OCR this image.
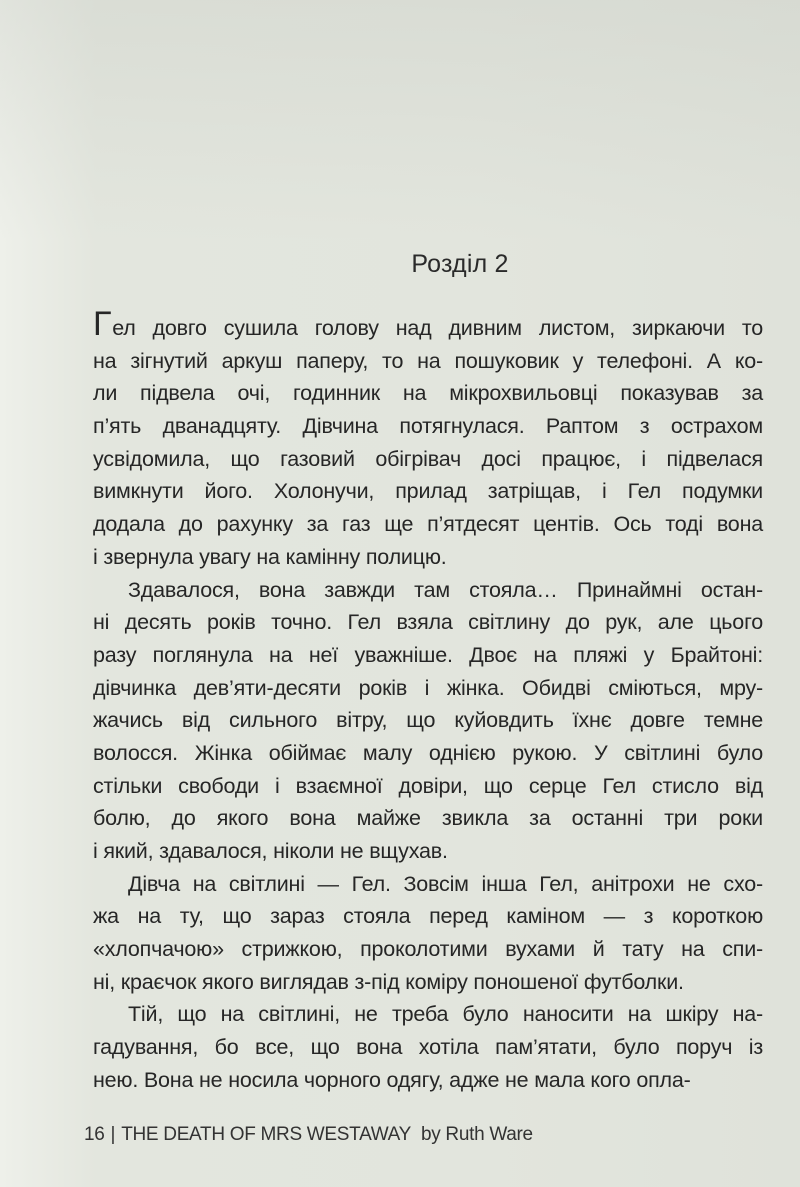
Розділ 2
Гел довго сушила голову над дивним листом, зиркаючи то
на зігнутий аркуш паперу, то на пошуковик у телефоні. А ко-
ли підвела очі, годинник на мікрохвильовці показував за
п’ять дванадцяту. Дівчина потягнулася. Раптом з острахом
усвідомила, що газовий обігрівач досі працює, і підвелася
вимкнути його. Холонучи, прилад затріщав, і Гел подумки
додала до рахунку за газ ще п’ятдесят центів. Ось тоді вона
і звернула увагу на камінну полицю.
Здавалося, вона завжди там стояла… Принаймні остан-
ні десять років точно. Гел взяла світлину до рук, але цього
разу поглянула на неї уважніше. Двоє на пляжі у Брайтоні:
дівчинка дев’яти-десяти років і жінка. Обидві сміються, мру-
жачись від сильного вітру, що куйовдить їхнє довге темне
волосся. Жінка обіймає малу однією рукою. У світлині було
стільки свободи і взаємної довіри, що серце Гел стисло від
болю, до якого вона майже звикла за останні три роки
і який, здавалося, ніколи не вщухав.
Дівча на світлині — Гел. Зовсім інша Гел, анітрохи не схо-
жа на ту, що зараз стояла перед каміном — з короткою
«хлопчачою» стрижкою, проколотими вухами й тату на спи-
ні, краєчок якого виглядав з-під коміру поношеної футболки.
Тій, що на світлині, не треба було наносити на шкіру на-
гадування, бо все, що вона хотіла пам’ятати, було поруч із
нею. Вона не носила чорного одягу, адже не мала кого опла-
16 | THE DEATH OF MRS WESTAWAY by Ruth Ware
